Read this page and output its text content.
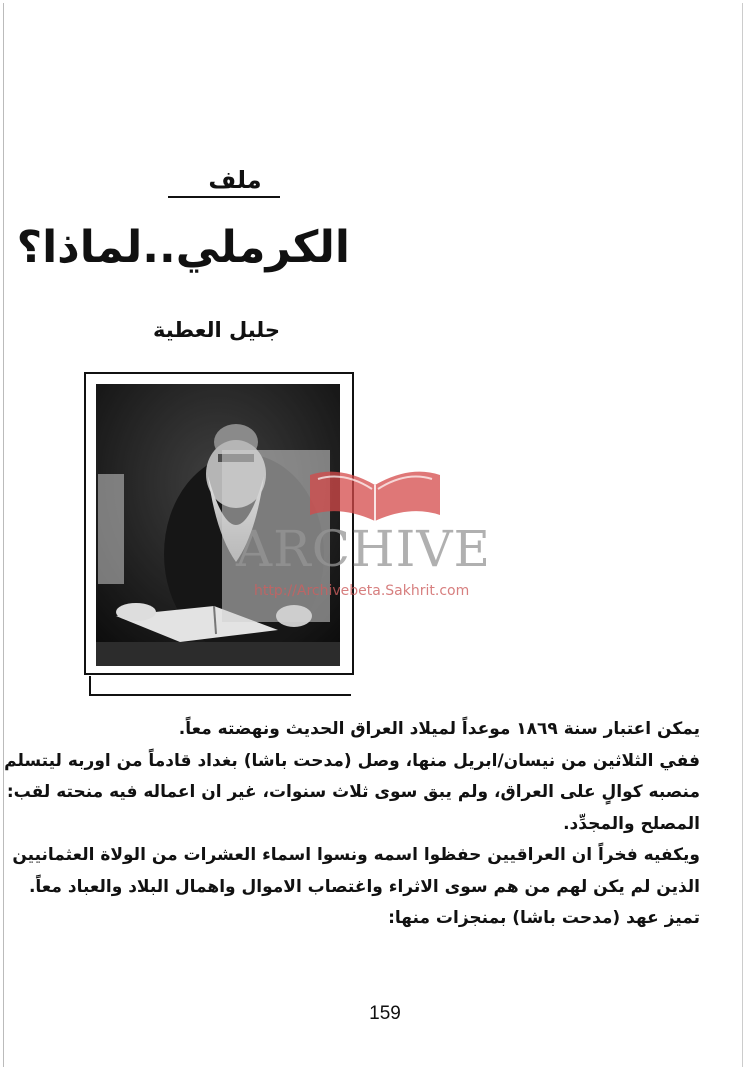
ملف
الكرملي..لماذا؟
جليل العطية
ARCHIVE
http://Archivebeta.Sakhrit.com

يمكن اعتبار سنة ١٨٦٩ موعداً لميلاد العراق الحديث ونهضته معاً.

ففي الثلاثين من نيسان/ابريل منها، وصل (مدحت باشا) بغداد قادماً من اوربه ليتسلم

منصبه كوالٍ على العراق، ولم يبق سوى ثلاث سنوات، غير ان اعماله فيه منحته لقب:

المصلح والمجدِّد.

ويكفيه فخراً ان العراقيين حفظوا اسمه ونسوا اسماء العشرات من الولاة العثمانيين

الذين لم يكن لهم من هم سوى الاثراء واغتصاب الاموال واهمال البلاد والعباد معاً.

تميز عهد (مدحت باشا) بمنجزات منها:

159
